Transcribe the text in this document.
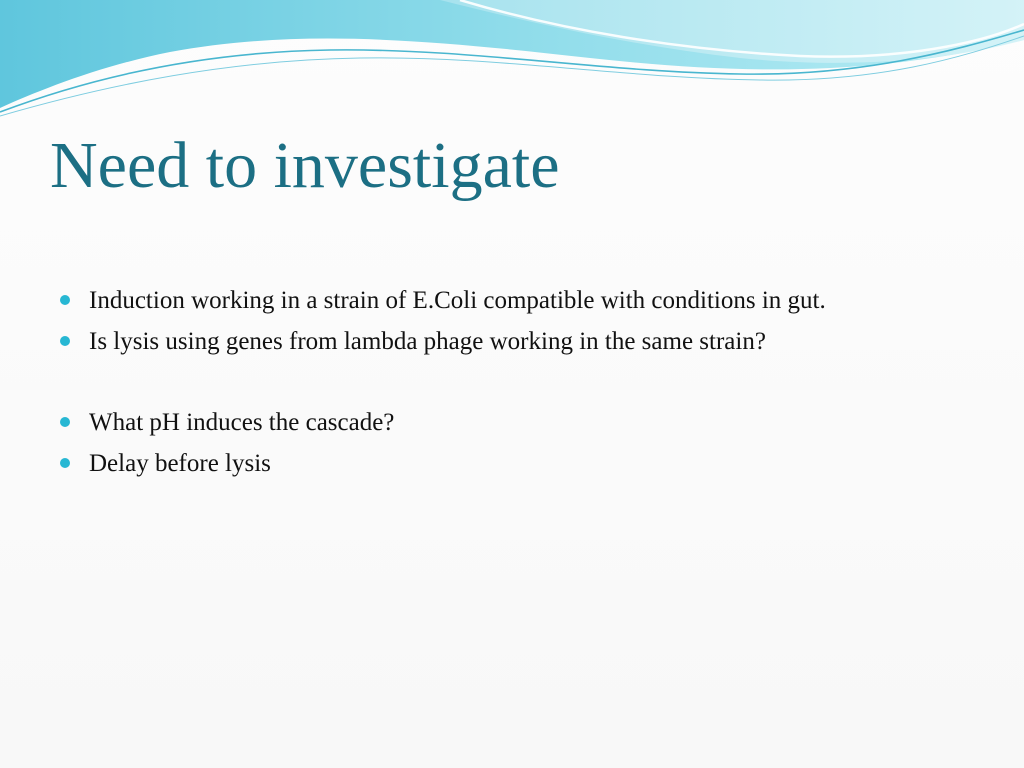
Need to investigate
Induction working in a strain of E.Coli compatible with conditions in gut.
Is lysis using genes from lambda phage working in the same strain?
What pH induces the cascade?
Delay before lysis
